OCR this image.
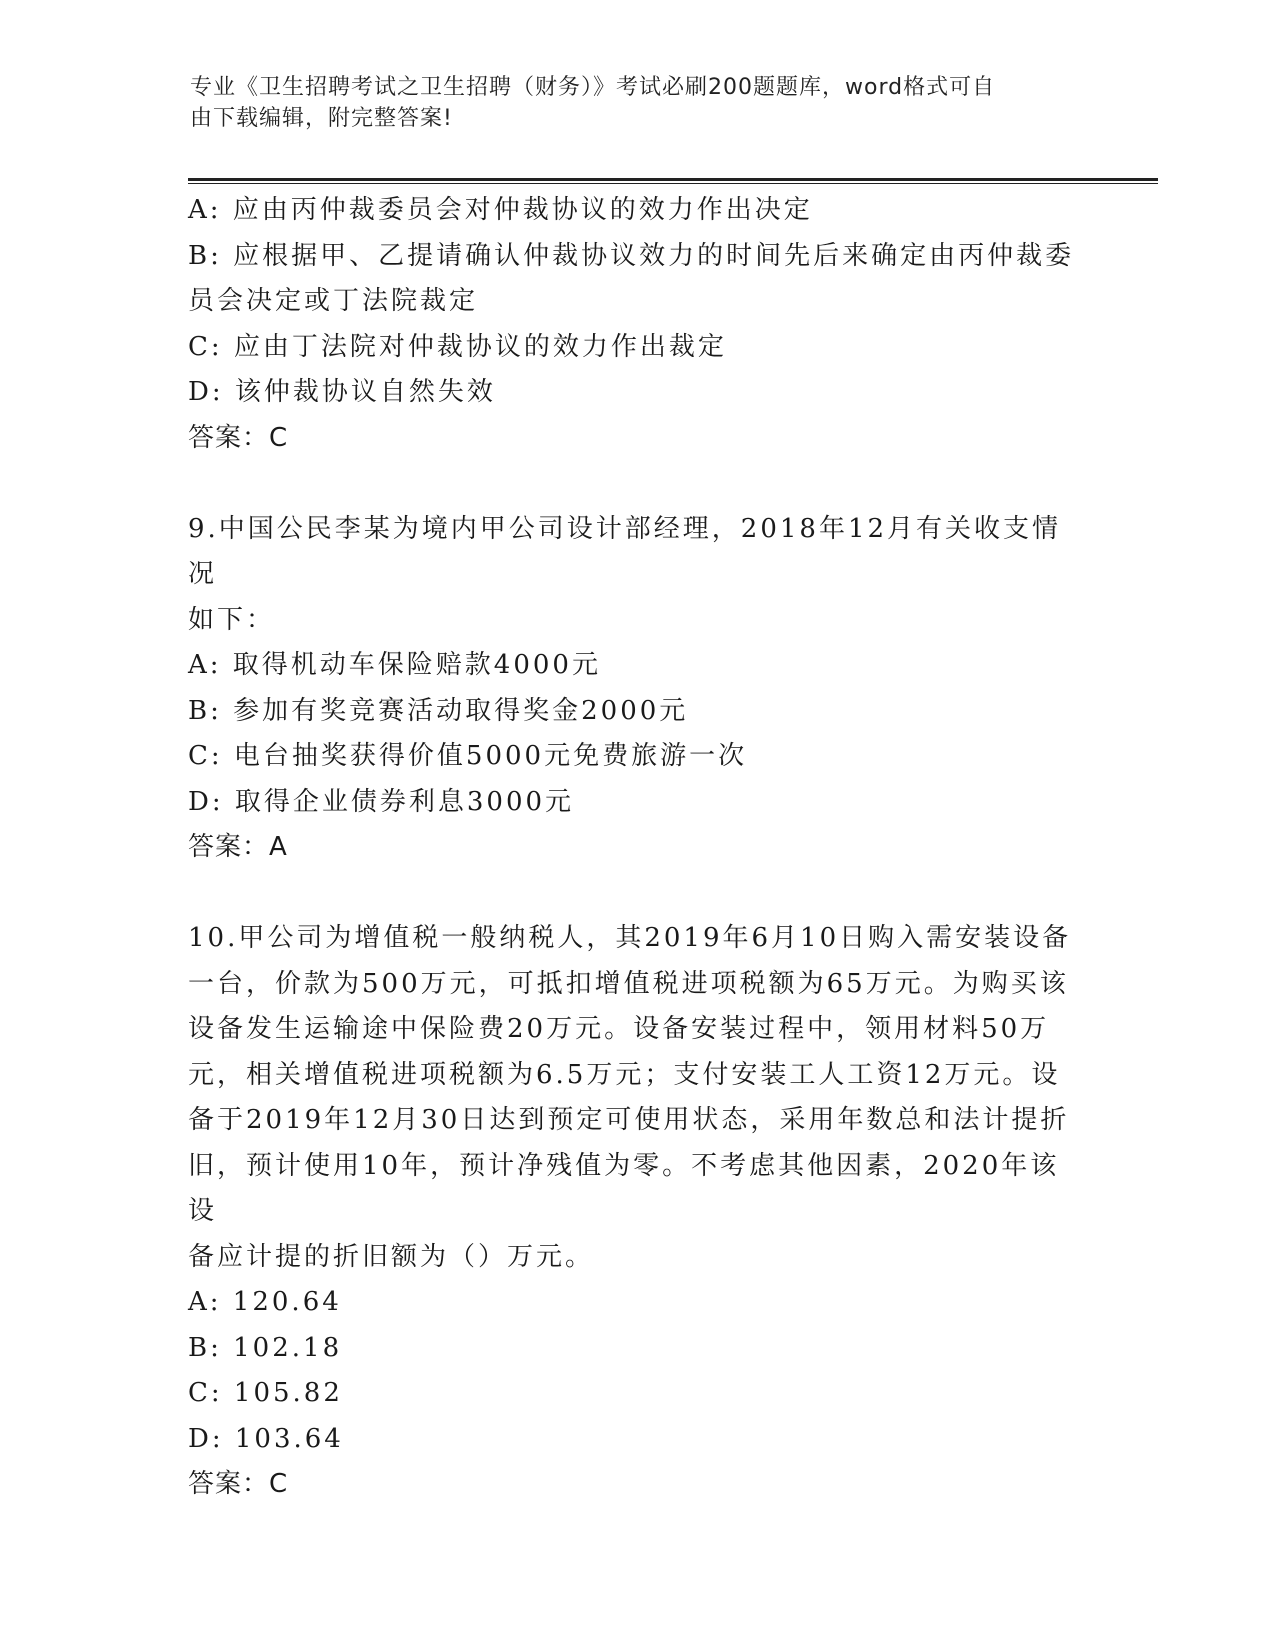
专业《卫生招聘考试之卫生招聘（财务）》考试必刷200题题库，word格式可自
由下载编辑，附完整答案!

A: 应由丙仲裁委员会对仲裁协议的效力作出决定

B: 应根据甲、乙提请确认仲裁协议效力的时间先后来确定由丙仲裁委

员会决定或丁法院裁定

C: 应由丁法院对仲裁协议的效力作出裁定

D: 该仲裁协议自然失效

答案：C

9.中国公民李某为境内甲公司设计部经理，2018年12月有关收支情况

如下：

A: 取得机动车保险赔款4000元

B: 参加有奖竞赛活动取得奖金2000元

C: 电台抽奖获得价值5000元免费旅游一次

D: 取得企业债券利息3000元

答案：A

10.甲公司为增值税一般纳税人，其2019年6月10日购入需安装设备

一台，价款为500万元，可抵扣增值税进项税额为65万元。为购买该

设备发生运输途中保险费20万元。设备安装过程中，领用材料50万

元，相关增值税进项税额为6.5万元；支付安装工人工资12万元。设

备于2019年12月30日达到预定可使用状态，采用年数总和法计提折

旧，预计使用10年，预计净残值为零。不考虑其他因素，2020年该设

备应计提的折旧额为（）万元。

A: 120.64

B: 102.18

C: 105.82

D: 103.64

答案：C
